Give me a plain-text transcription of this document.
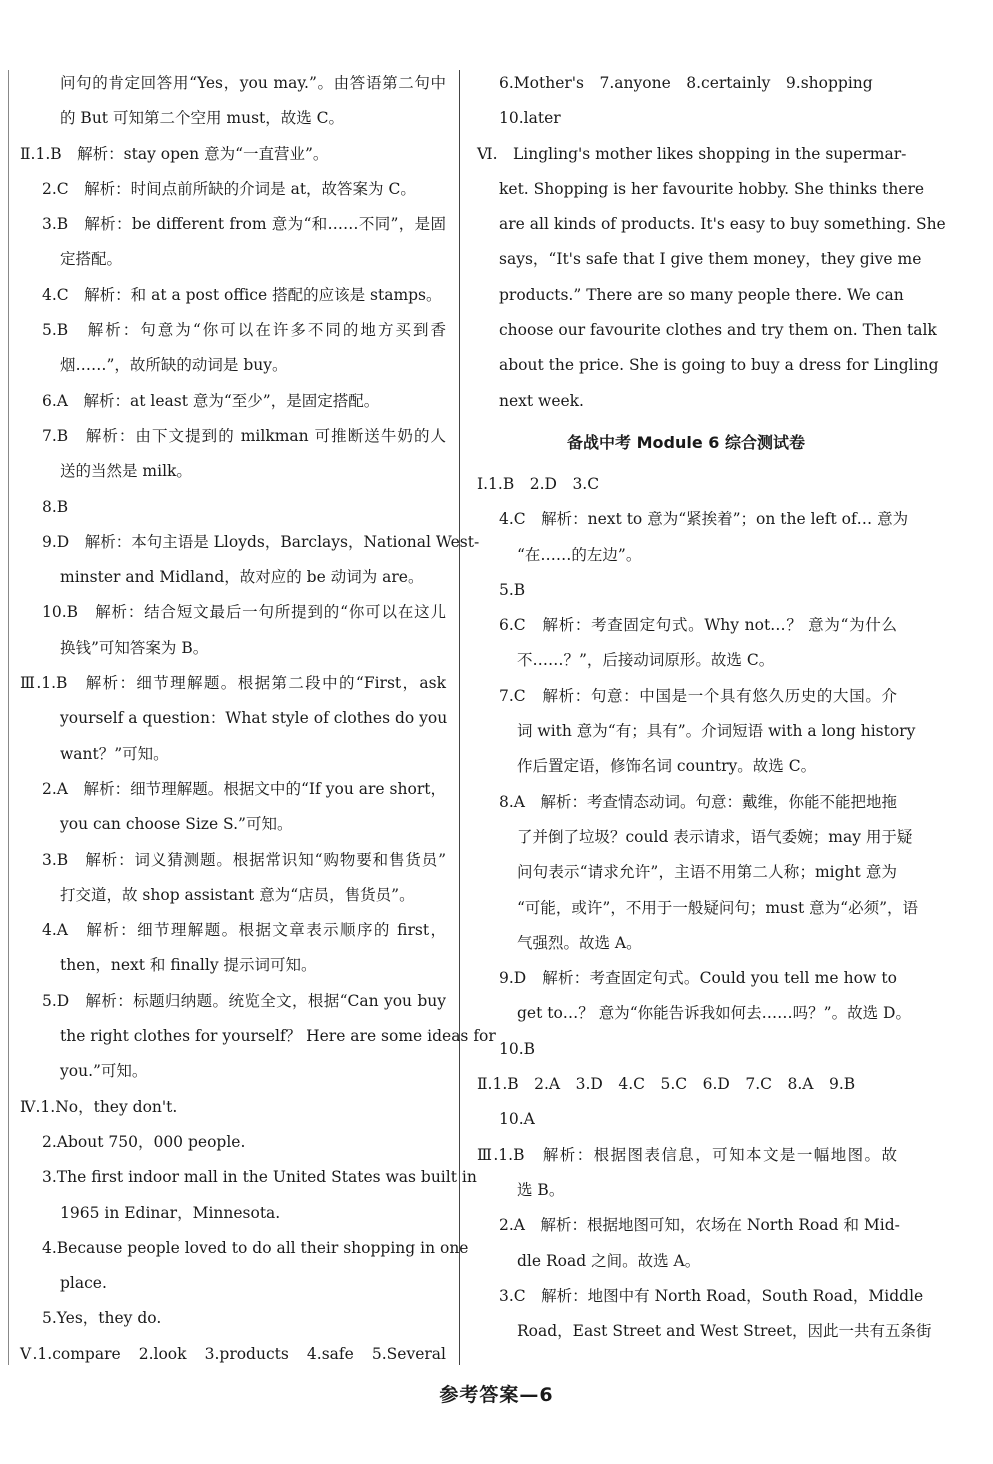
问句的肯定回答用“Yes，you may.”。由答语第二句中
的 But 可知第二个空用 must，故选 C。
Ⅱ.1.B　解析：stay open 意为“一直营业”。
2.C　解析：时间点前所缺的介词是 at，故答案为 C。
3.B　解析：be different from 意为“和……不同”，是固
定搭配。
4.C　解析：和 at a post office 搭配的应该是 stamps。
5.B　解析：句意为“你可以在许多不同的地方买到香
烟……”，故所缺的动词是 buy。
6.A　解析：at least 意为“至少”，是固定搭配。
7.B　解析：由下文提到的 milkman 可推断送牛奶的人
送的当然是 milk。
8.B
9.D　解析：本句主语是 Lloyds，Barclays，National West-
minster and Midland，故对应的 be 动词为 are。
10.B　解析：结合短文最后一句所提到的“你可以在这儿
换钱”可知答案为 B。
Ⅲ.1.B　解析：细节理解题。根据第二段中的“First，ask
yourself a question：What style of clothes do you
want？”可知。
2.A　解析：细节理解题。根据文中的“If you are short，
you can choose Size S.”可知。
3.B　解析：词义猜测题。根据常识知“购物要和售货员”
打交道，故 shop assistant 意为“店员，售货员”。
4.A　解析：细节理解题。根据文章表示顺序的 first，
then，next 和 finally 提示词可知。
5.D　解析：标题归纳题。统览全文，根据“Can you buy
the right clothes for yourself？ Here are some ideas for
you.”可知。
Ⅳ.1.No，they don't.
2.About 750，000 people.
3.The first indoor mall in the United States was built in
1965 in Edinar，Minnesota.
4.Because people loved to do all their shopping in one
place.
5.Yes，they do.
Ⅴ.1.compare　2.look　3.products　4.safe　5.Several
6.Mother's　7.anyone　8.certainly　9.shopping
10.later
Ⅵ.　Lingling's mother likes shopping in the supermar-
ket. Shopping is her favourite hobby. She thinks there
are all kinds of products. It's easy to buy something. She
says，“It's safe that I give them money，they give me
products.” There are so many people there. We can
choose our favourite clothes and try them on. Then talk
about the price. She is going to buy a dress for Lingling
next week.
备战中考 Module 6 综合测试卷
Ⅰ.1.B　2.D　3.C
4.C　解析：next to 意为“紧挨着”；on the left of… 意为
“在……的左边”。
5.B
6.C　解析：考查固定句式。Why not…？ 意为“为什么
不……？”，后接动词原形。故选 C。
7.C　解析：句意：中国是一个具有悠久历史的大国。介
词 with 意为“有；具有”。介词短语 with a long history
作后置定语，修饰名词 country。故选 C。
8.A　解析：考查情态动词。句意：戴维，你能不能把地拖
了并倒了垃圾？could 表示请求，语气委婉；may 用于疑
问句表示“请求允许”，主语不用第二人称；might 意为
“可能，或许”，不用于一般疑问句；must 意为“必须”，语
气强烈。故选 A。
9.D　解析：考查固定句式。Could you tell me how to
get to…？ 意为“你能告诉我如何去……吗？”。故选 D。
10.B
Ⅱ.1.B　2.A　3.D　4.C　5.C　6.D　7.C　8.A　9.B
10.A
Ⅲ.1.B　解析：根据图表信息，可知本文是一幅地图。故
选 B。
2.A　解析：根据地图可知，农场在 North Road 和 Mid-
dle Road 之间。故选 A。
3.C　解析：地图中有 North Road，South Road，Middle
Road，East Street and West Street，因此一共有五条街
参考答案—6
